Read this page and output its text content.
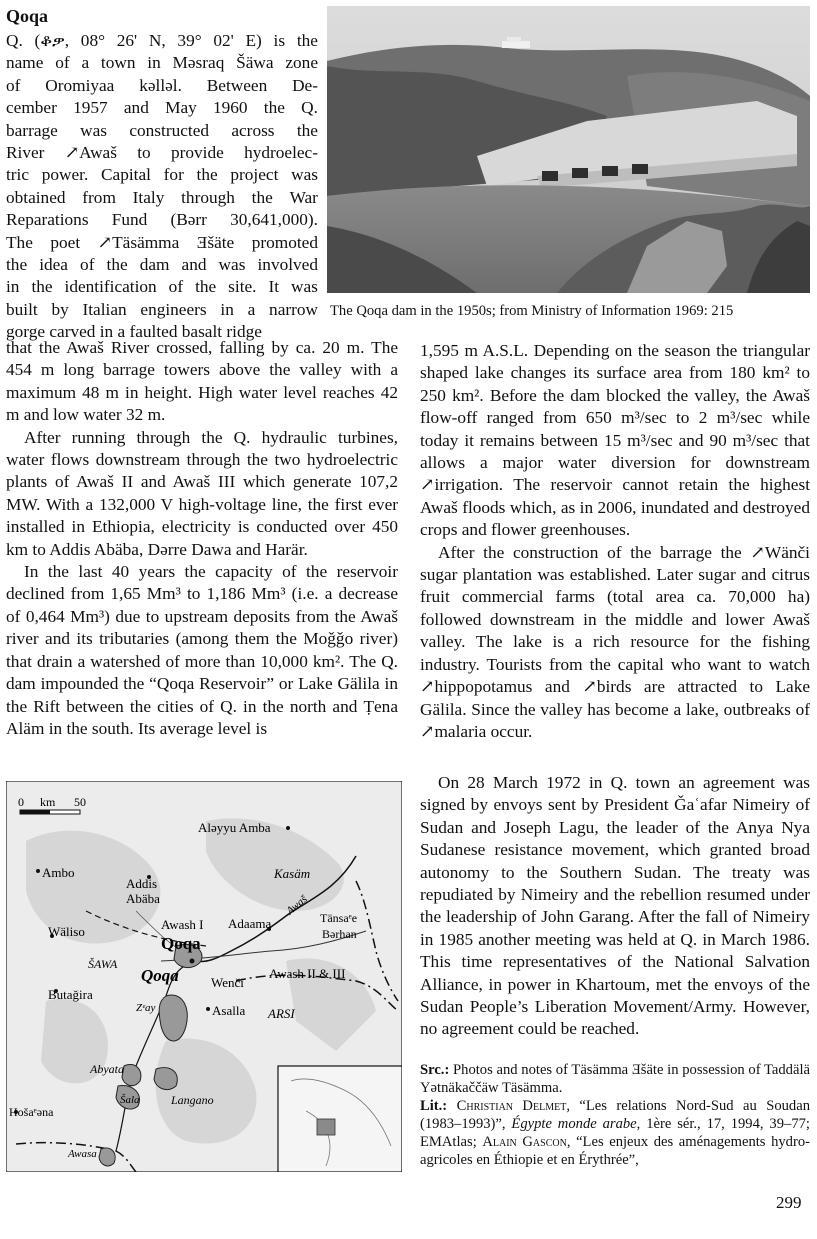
Qoqa
Q. (ቆቃ, 08° 26' N, 39° 02' E) is the
name of a town in Məsraq Šäwa zone
of Oromiyaa kəlləl. Between De-
cember 1957 and May 1960 the Q.
barrage was constructed across the
River ↗Awaš to provide hydroelec-
tric power. Capital for the project was
obtained from Italy through the War
Reparations Fund (Bərr 30,641,000).
The poet ↗Täsämma Ǝšäte promoted
the idea of the dam and was involved
in the identification of the site. It was
built by Italian engineers in a narrow
gorge carved in a faulted basalt ridge
The Qoqa dam in the 1950s; from Ministry of Information 1969: 215

that the Awaš River crossed, falling by ca. 20 m. The 454 m long barrage towers above the valley with a maximum 48 m in height. High water level reaches 42 m and low water 32 m.

After running through the Q. hydraulic turbines, water flows downstream through the two hydroelectric plants of Awaš II and Awaš III which generate 107,2 MW. With a 132,000 V high-voltage line, the first ever installed in Ethiopia, electricity is conducted over 450 km to Addis Abäba, Dərre Dawa and Harär.

In the last 40 years the capacity of the reservoir declined from 1,65 Mm³ to 1,186 Mm³ (i.e. a decrease of 0,464 Mm³) due to upstream deposits from the Awaš river and its tributaries (among them the Moǧǧo river) that drain a watershed of more than 10,000 km². The Q. dam impounded the “Qoqa Reservoir” or Lake Gälila in the Rift between the cities of Q. in the north and Ṭena Aläm in the south. Its average level is

0 km 50
Aləyyu Amba
Ambo
Addis
Abäba
Kasäm
Awash I Adaama
Awaš
Tänsaᵉe
Bərhan
Wäliso
Qoqa
ŠAWA
Qoqa Wenči
Awash II & III
Butaǧira
Asalla ARSI
Zᵉay
Abyata
Šala	Langano
Hošaᵉəna
Awasa

1,595 m A.S.L. Depending on the season the triangular shaped lake changes its surface area from 180 km² to 250 km². Before the dam blocked the valley, the Awaš flow-off ranged from 650 m³/sec to 2 m³/sec while today it remains between 15 m³/sec and 90 m³/sec that allows a major water diversion for downstream ↗irrigation. The reservoir cannot retain the highest Awaš floods which, as in 2006, inundated and destroyed crops and flower greenhouses.

After the construction of the barrage the ↗Wänči sugar plantation was established. Later sugar and citrus fruit commercial farms (total area ca. 70,000 ha) followed downstream in the middle and lower Awaš valley. The lake is a rich resource for the fishing industry. Tourists from the capital who want to watch ↗hippopotamus and ↗birds are attracted to Lake Gälila. Since the valley has become a lake, outbreaks of ↗malaria occur.

On 28 March 1972 in Q. town an agreement was signed by envoys sent by President Ǧaʿafar Nimeiry of Sudan and Joseph Lagu, the leader of the Anya Nya Sudanese resistance movement, which granted broad autonomy to the Southern Sudan. The treaty was repudiated by Nimeiry and the rebellion resumed under the leadership of John Garang. After the fall of Nimeiry in 1985 another meeting was held at Q. in March 1986. This time representatives of the National Salvation Alliance, in power in Khartoum, met the envoys of the Sudan People’s Liberation Movement/Army. However, no agreement could be reached.

Src.: Photos and notes of Täsämma Ǝšäte in possession of Taddälä Yətnäkaččäw Täsämma.

Lit.: Christian Delmet, “Les relations Nord-Sud au Soudan (1983–1993)”, Égypte monde arabe, 1ère sér., 17, 1994, 39–77; EMAtlas; Alain Gascon, “Les enjeux des aménagements hydro-agricoles en Éthiopie et en Érythrée”,

299
